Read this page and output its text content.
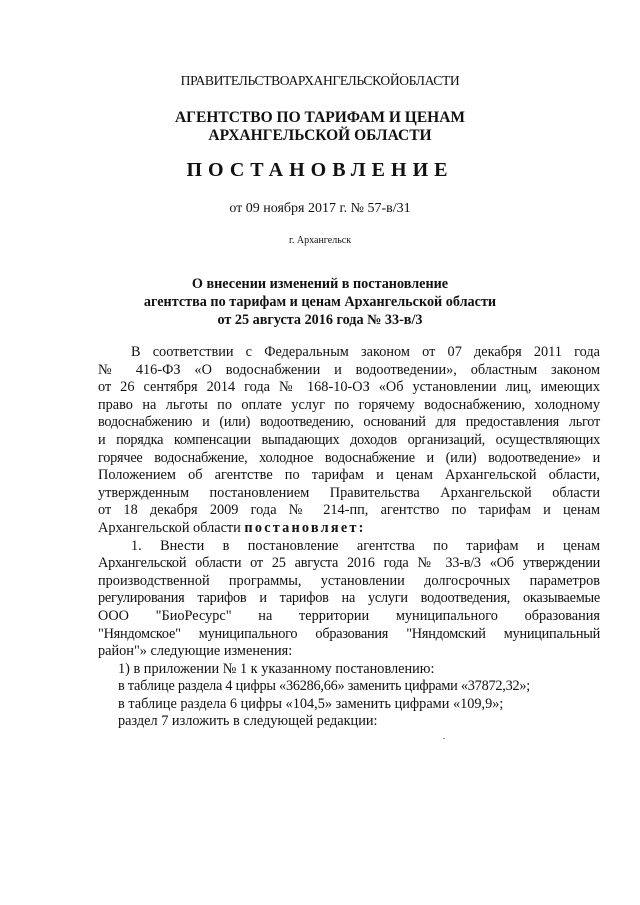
ПРАВИТЕЛЬСТВОАРХАНГЕЛЬСКОЙОБЛАСТИ

АГЕНТСТВО ПО ТАРИФАМ И ЦЕНАМ

АРХАНГЕЛЬСКОЙ ОБЛАСТИ

ПОСТАНОВЛЕНИЕ

от 09 ноября 2017 г. № 57-в/31

г. Архангельск

О внесении изменений в постановление

агентства по тарифам и ценам Архангельской области

от 25 августа 2016 года № 33-в/3

В соответствии с Федеральным законом от 07 декабря 2011 года
№ 416-ФЗ «О водоснабжении и водоотведении», областным законом
от 26 сентября 2014 года № 168-10-ОЗ «Об установлении лиц, имеющих
право на льготы по оплате услуг по горячему водоснабжению, холодному
водоснабжению и (или) водоотведению, оснований для предоставления льгот
и порядка компенсации выпадающих доходов организаций, осуществляющих
горячее водоснабжение, холодное водоснабжение и (или) водоотведение» и
Положением об агентстве по тарифам и ценам Архангельской области,
утвержденным постановлением Правительства Архангельской области
от 18 декабря 2009 года № 214-пп, агентство по тарифам и ценам
Архангельской области постановляет:
1. Внести в постановление агентства по тарифам и ценам
Архангельской области от 25 августа 2016 года № 33-в/3 «Об утверждении
производственной программы, установлении долгосрочных параметров
регулирования тарифов и тарифов на услуги водоотведения, оказываемые
ООО "БиоРесурс" на территории муниципального образования
"Няндомское" муниципального образования "Няндомский муниципальный
район"» следующие изменения:
1) в приложении № 1 к указанному постановлению:
в таблице раздела 4 цифры «36286,66» заменить цифрами «37872,32»;
в таблице раздела 6 цифры «104,5» заменить цифрами «109,9»;
раздел 7 изложить в следующей редакции:
